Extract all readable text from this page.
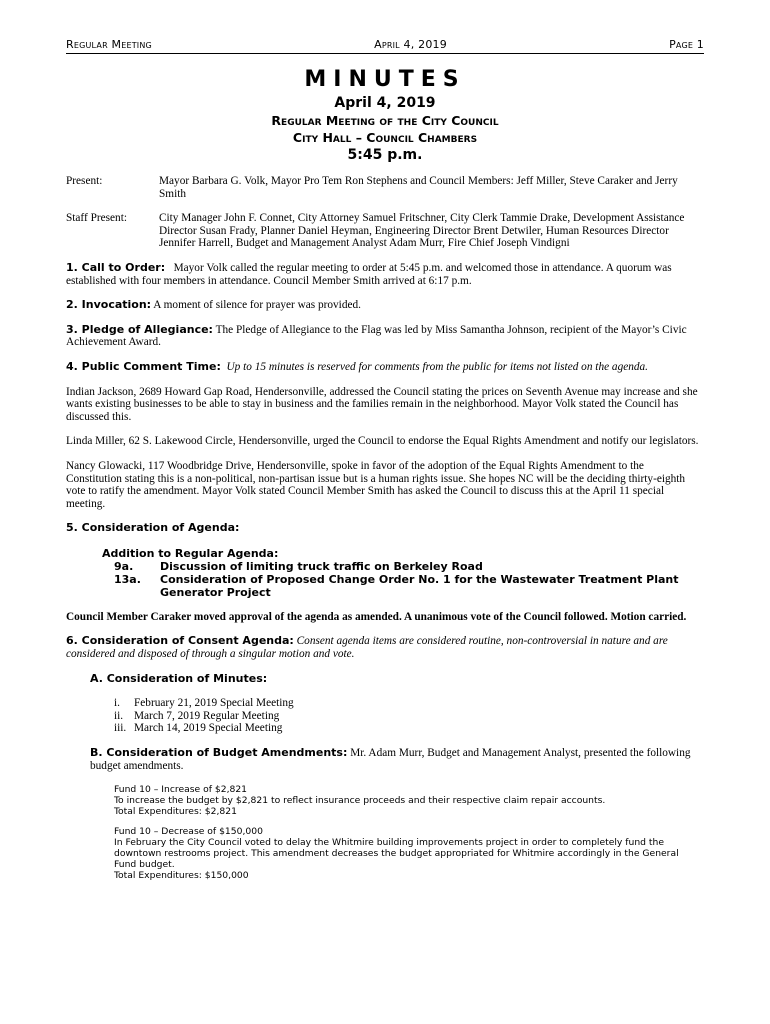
Regular Meeting	April 4, 2019	Page 1
MINUTES
April 4, 2019
Regular Meeting of the City Council
City Hall – Council Chambers
5:45 p.m.
Present:	Mayor Barbara G. Volk, Mayor Pro Tem Ron Stephens and Council Members: Jeff Miller, Steve Caraker and Jerry Smith
Staff Present:	City Manager John F. Connet, City Attorney Samuel Fritschner, City Clerk Tammie Drake, Development Assistance Director Susan Frady, Planner Daniel Heyman, Engineering Director Brent Detwiler, Human Resources Director Jennifer Harrell, Budget and Management Analyst Adam Murr, Fire Chief Joseph Vindigni

1. Call to Order: Mayor Volk called the regular meeting to order at 5:45 p.m. and welcomed those in attendance. A quorum was established with four members in attendance. Council Member Smith arrived at 6:17 p.m.

2. Invocation: A moment of silence for prayer was provided.

3. Pledge of Allegiance: The Pledge of Allegiance to the Flag was led by Miss Samantha Johnson, recipient of the Mayor’s Civic Achievement Award.

4. Public Comment Time: Up to 15 minutes is reserved for comments from the public for items not listed on the agenda.

Indian Jackson, 2689 Howard Gap Road, Hendersonville, addressed the Council stating the prices on Seventh Avenue may increase and she wants existing businesses to be able to stay in business and the families remain in the neighborhood. Mayor Volk stated the Council has discussed this.

Linda Miller, 62 S. Lakewood Circle, Hendersonville, urged the Council to endorse the Equal Rights Amendment and notify our legislators.

Nancy Glowacki, 117 Woodbridge Drive, Hendersonville, spoke in favor of the adoption of the Equal Rights Amendment to the Constitution stating this is a non-political, non-partisan issue but is a human rights issue. She hopes NC will be the deciding thirty-eighth vote to ratify the amendment. Mayor Volk stated Council Member Smith has asked the Council to discuss this at the April 11 special meeting.

5. Consideration of Agenda:

Addition to Regular Agenda:
9a.	Discussion of limiting truck traffic on Berkeley Road
13a.	Consideration of Proposed Change Order No. 1 for the Wastewater Treatment Plant Generator Project

Council Member Caraker moved approval of the agenda as amended. A unanimous vote of the Council followed. Motion carried.

6. Consideration of Consent Agenda: Consent agenda items are considered routine, non-controversial in nature and are considered and disposed of through a singular motion and vote.

A. Consideration of Minutes:
i.	February 21, 2019 Special Meeting
ii. March 7, 2019 Regular Meeting
iii. March 14, 2019 Special Meeting

B. Consideration of Budget Amendments: Mr. Adam Murr, Budget and Management Analyst, presented the following budget amendments.

Fund 10 – Increase of $2,821
To increase the budget by $2,821 to reflect insurance proceeds and their respective claim repair accounts.
Total Expenditures: $2,821
Fund 10 – Decrease of $150,000
In February the City Council voted to delay the Whitmire building improvements project in order to completely fund the downtown restrooms project. This amendment decreases the budget appropriated for Whitmire accordingly in the General Fund budget.
Total Expenditures: $150,000
